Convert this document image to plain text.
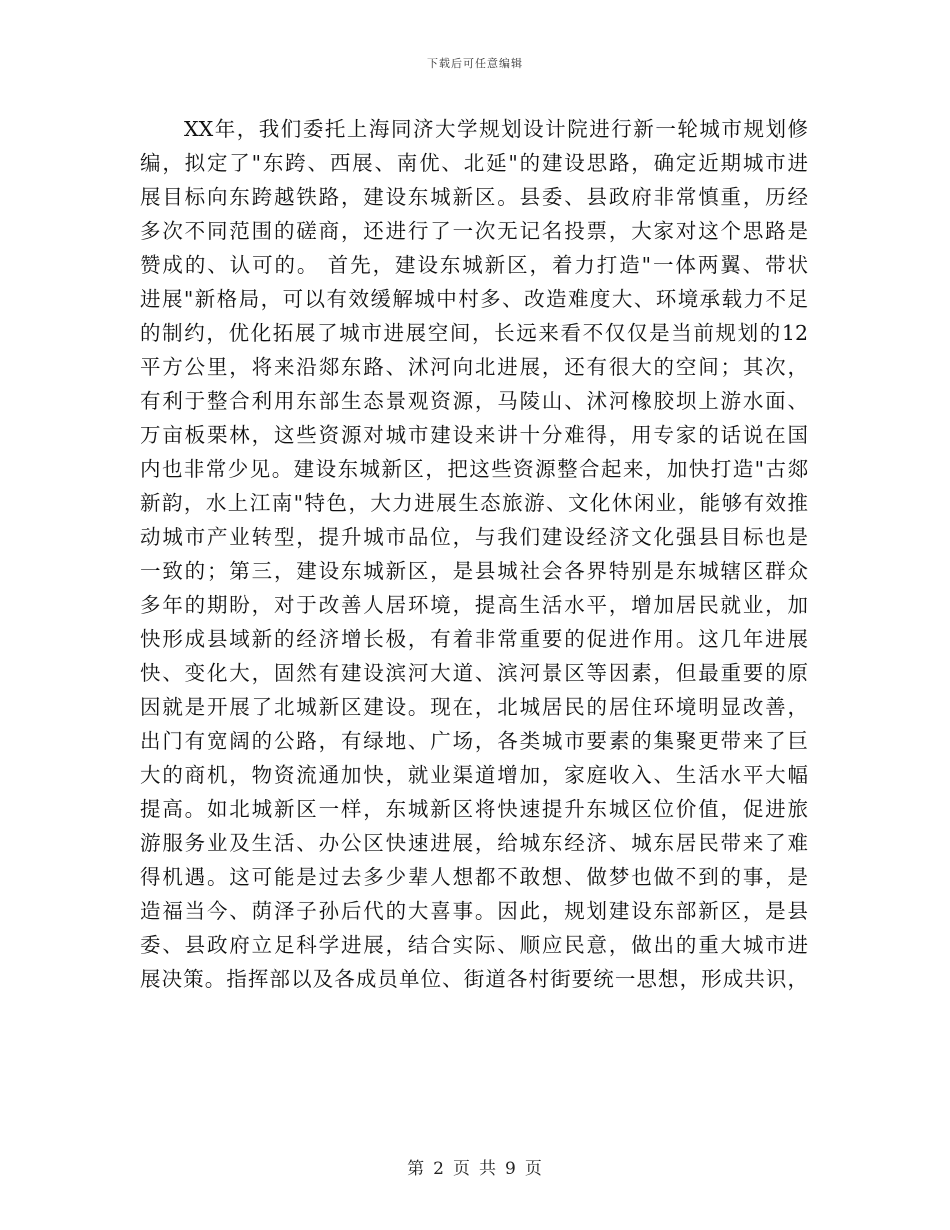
下载后可任意编辑
XX年，我们委托上海同济大学规划设计院进行新一轮城市规划修
编，拟定了"东跨、西展、南优、北延"的建设思路，确定近期城市进
展目标向东跨越铁路，建设东城新区。县委、县政府非常慎重，历经
多次不同范围的磋商，还进行了一次无记名投票，大家对这个思路是
赞成的、认可的。 首先，建设东城新区，着力打造"一体两翼、带状
进展"新格局，可以有效缓解城中村多、改造难度大、环境承载力不足
的制约，优化拓展了城市进展空间，长远来看不仅仅是当前规划的12
平方公里，将来沿郯东路、沭河向北进展，还有很大的空间；其次，
有利于整合利用东部生态景观资源，马陵山、沭河橡胶坝上游水面、
万亩板栗林，这些资源对城市建设来讲十分难得，用专家的话说在国
内也非常少见。建设东城新区，把这些资源整合起来，加快打造"古郯
新韵，水上江南"特色，大力进展生态旅游、文化休闲业，能够有效推
动城市产业转型，提升城市品位，与我们建设经济文化强县目标也是
一致的；第三，建设东城新区，是县城社会各界特别是东城辖区群众
多年的期盼，对于改善人居环境，提高生活水平，增加居民就业，加
快形成县域新的经济增长极，有着非常重要的促进作用。这几年进展
快、变化大，固然有建设滨河大道、滨河景区等因素，但最重要的原
因就是开展了北城新区建设。现在，北城居民的居住环境明显改善，
出门有宽阔的公路，有绿地、广场，各类城市要素的集聚更带来了巨
大的商机，物资流通加快，就业渠道增加，家庭收入、生活水平大幅
提高。如北城新区一样，东城新区将快速提升东城区位价值，促进旅
游服务业及生活、办公区快速进展，给城东经济、城东居民带来了难
得机遇。这可能是过去多少辈人想都不敢想、做梦也做不到的事，是
造福当今、荫泽子孙后代的大喜事。因此，规划建设东部新区，是县
委、县政府立足科学进展，结合实际、顺应民意，做出的重大城市进
展决策。指挥部以及各成员单位、街道各村街要统一思想，形成共识，
第 2 页 共 9 页
